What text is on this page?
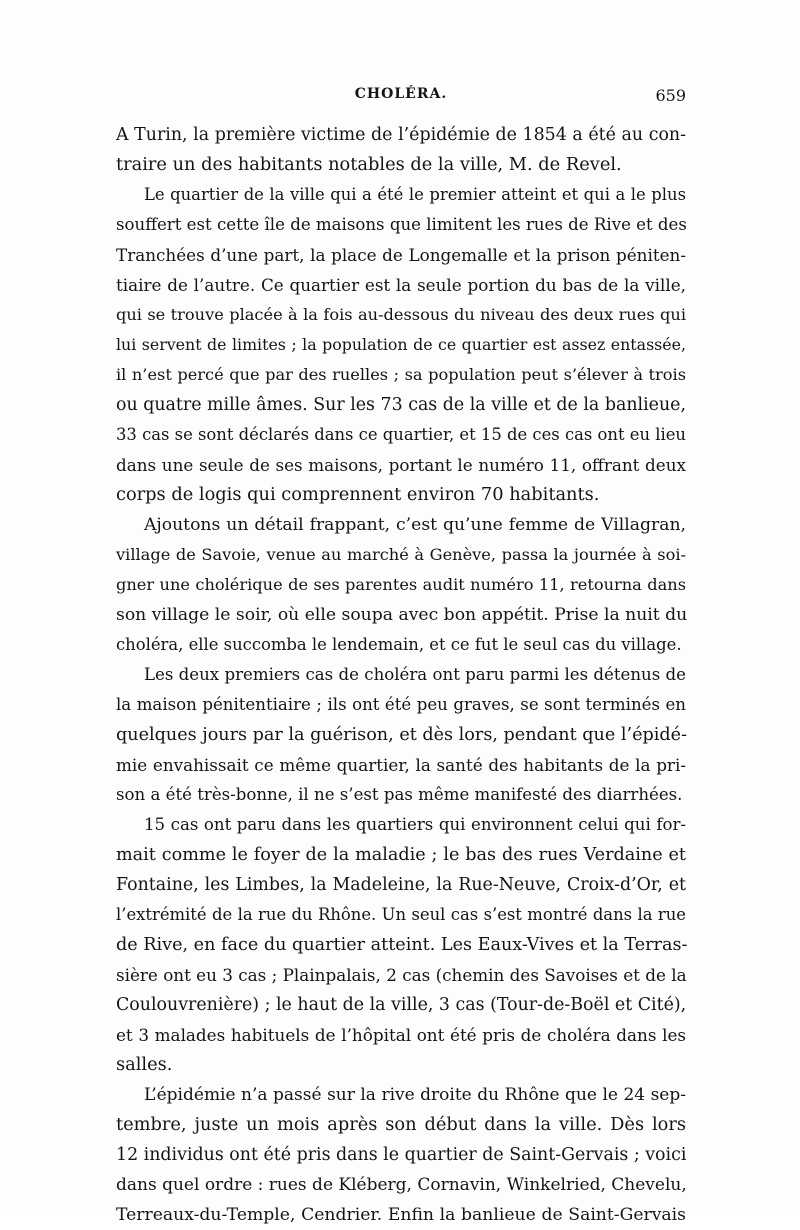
CHOLÉRA.	659
A Turin, la première victime de l’épidémie de 1854 a été au con-
traire un des habitants notables de la ville, M. de Revel.
Le quartier de la ville qui a été le premier atteint et qui a le plus
souffert est cette île de maisons que limitent les rues de Rive et des
Tranchées d’une part, la place de Longemalle et la prison péniten-
tiaire de l’autre. Ce quartier est la seule portion du bas de la ville,
qui se trouve placée à la fois au-dessous du niveau des deux rues qui
lui servent de limites ; la population de ce quartier est assez entassée,
il n’est percé que par des ruelles ; sa population peut s’élever à trois
ou quatre mille âmes. Sur les 73 cas de la ville et de la banlieue,
33 cas se sont déclarés dans ce quartier, et 15 de ces cas ont eu lieu
dans une seule de ses maisons, portant le numéro 11, offrant deux
corps de logis qui comprennent environ 70 habitants.
Ajoutons un détail frappant, c’est qu’une femme de Villagran,
village de Savoie, venue au marché à Genève, passa la journée à soi-
gner une cholérique de ses parentes audit numéro 11, retourna dans
son village le soir, où elle soupa avec bon appétit. Prise la nuit du
choléra, elle succomba le lendemain, et ce fut le seul cas du village.
Les deux premiers cas de choléra ont paru parmi les détenus de
la maison pénitentiaire ; ils ont été peu graves, se sont terminés en
quelques jours par la guérison, et dès lors, pendant que l’épidé-
mie envahissait ce même quartier, la santé des habitants de la pri-
son a été très-bonne, il ne s’est pas même manifesté des diarrhées.
15 cas ont paru dans les quartiers qui environnent celui qui for-
mait comme le foyer de la maladie ; le bas des rues Verdaine et
Fontaine, les Limbes, la Madeleine, la Rue-Neuve, Croix-d’Or, et
l’extrémité de la rue du Rhône. Un seul cas s’est montré dans la rue
de Rive, en face du quartier atteint. Les Eaux-Vives et la Terras-
sière ont eu 3 cas ; Plainpalais, 2 cas (chemin des Savoises et de la
Coulouvrenière) ; le haut de la ville, 3 cas (Tour-de-Boël et Cité),
et 3 malades habituels de l’hôpital ont été pris de choléra dans les
salles.
L’épidémie n’a passé sur la rive droite du Rhône que le 24 sep-
tembre, juste un mois après son début dans la ville. Dès lors
12 individus ont été pris dans le quartier de Saint-Gervais ; voici
dans quel ordre : rues de Kléberg, Cornavin, Winkelried, Chevelu,
Terreaux-du-Temple, Cendrier. Enfin la banlieue de Saint-Gervais
